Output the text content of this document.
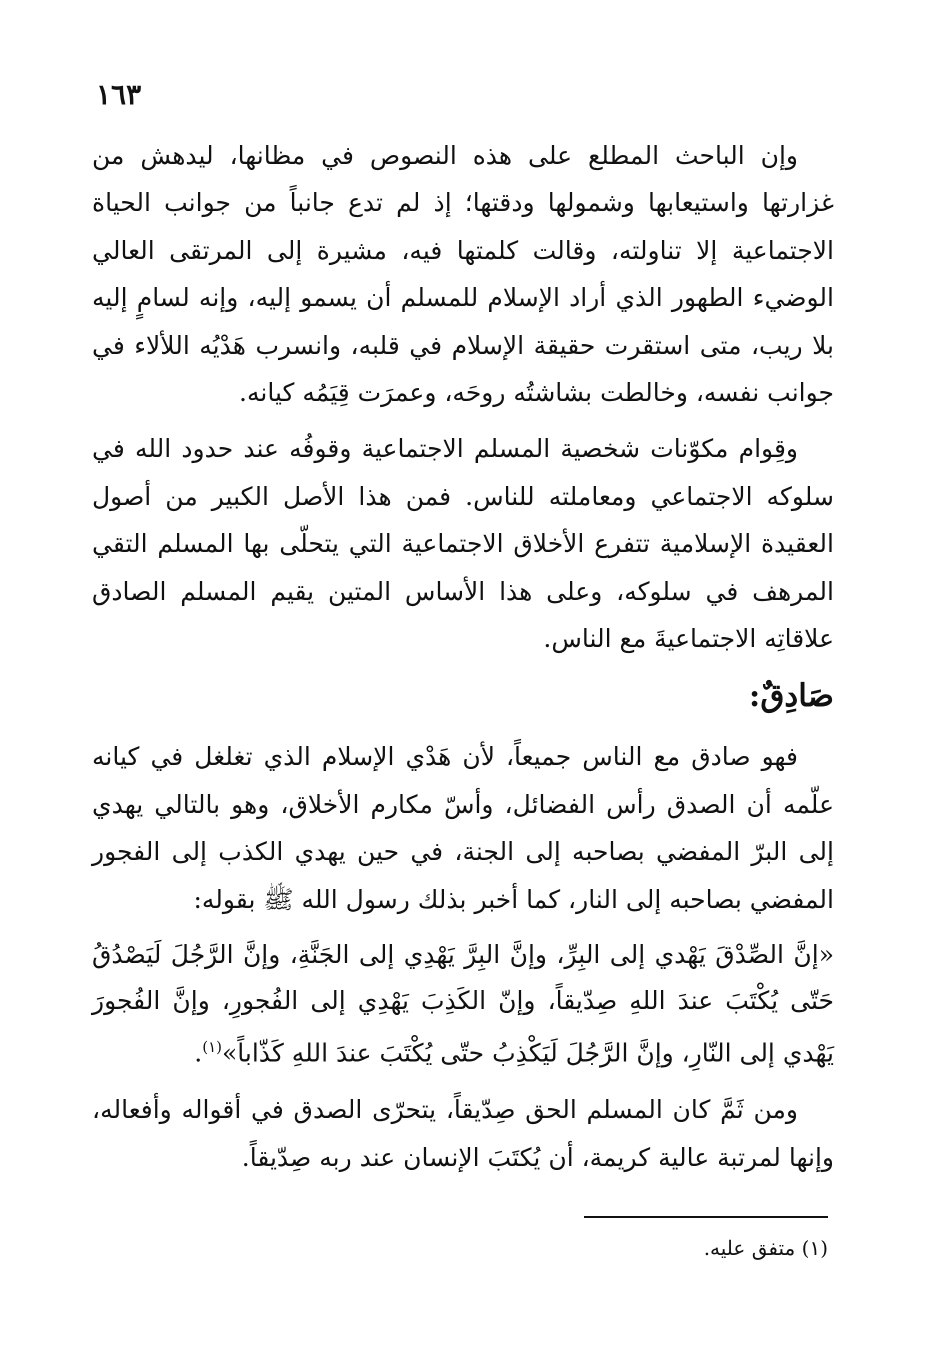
١٦٣

وإن الباحث المطلع على هذه النصوص في مظانها، ليدهش من غزارتها واستيعابها وشمولها ودقتها؛ إذ لم تدع جانباً من جوانب الحياة الاجتماعية إلا تناولته، وقالت كلمتها فيه، مشيرة إلى المرتقى العالي الوضيء الطهور الذي أراد الإسلام للمسلم أن يسمو إليه، وإنه لسامٍ إليه بلا ريب، متى استقرت حقيقة الإسلام في قلبه، وانسرب هَدْيُه اللألاء في جوانب نفسه، وخالطت بشاشتُه روحَه، وعمرَت قِيَمُه كيانه.

وقِوام مكوّنات شخصية المسلم الاجتماعية وقوفُه عند حدود الله في سلوكه الاجتماعي ومعاملته للناس. فمن هذا الأصل الكبير من أصول العقيدة الإسلامية تتفرع الأخلاق الاجتماعية التي يتحلّى بها المسلم التقي المرهف في سلوكه، وعلى هذا الأساس المتين يقيم المسلم الصادق علاقاتِه الاجتماعيةَ مع الناس.

صَادِقٌ:

فهو صادق مع الناس جميعاً، لأن هَدْي الإسلام الذي تغلغل في كيانه علّمه أن الصدق رأس الفضائل، وأسّ مكارم الأخلاق، وهو بالتالي يهدي إلى البرّ المفضي بصاحبه إلى الجنة، في حين يهدي الكذب إلى الفجور المفضي بصاحبه إلى النار، كما أخبر بذلك رسول الله ﷺ بقوله:

«إنَّ الصِّدْقَ يَهْدي إلى البِرِّ، وإنَّ البِرَّ يَهْدِي إلى الجَنَّةِ، وإنَّ الرَّجُلَ لَيَصْدُقُ حَتّى يُكْتَبَ عندَ اللهِ صِدّيقاً، وإنّ الكَذِبَ يَهْدِي إلى الفُجورِ، وإنَّ الفُجورَ يَهْدي إلى النّارِ، وإنَّ الرَّجُلَ لَيَكْذِبُ حتّى يُكْتَبَ عندَ اللهِ كَذّاباً»$^{(١)}$.

ومن ثَمَّ كان المسلم الحق صِدّيقاً، يتحرّى الصدق في أقواله وأفعاله، وإنها لمرتبة عالية كريمة، أن يُكتَبَ الإنسان عند ربه صِدّيقاً.

(١) متفق عليه.
